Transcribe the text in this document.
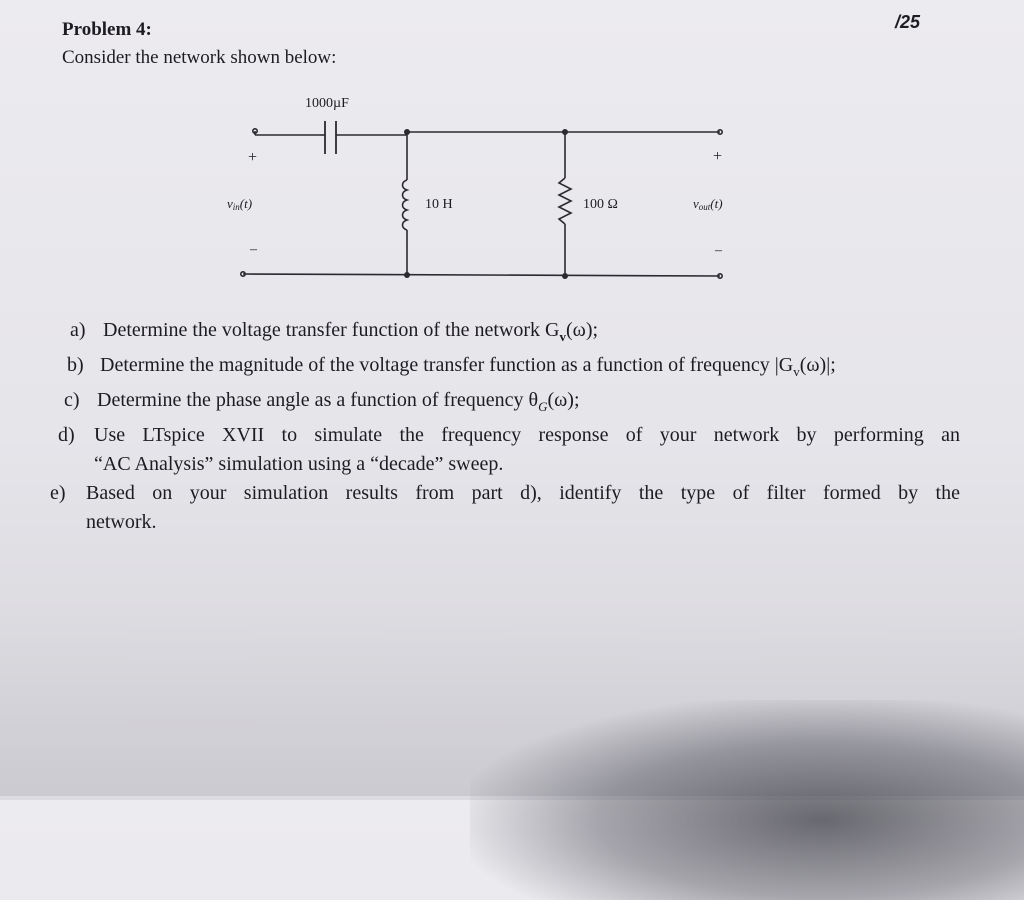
Problem 4:	/25
Consider the network shown below:
1000µF
10 H	100 Ω
+
–
+
–
vin(t)	vout(t)
a) Determine the voltage transfer function of the network $G_v(\omega)$;
b) Determine the magnitude of the voltage transfer function as a function of frequency $|G_v(\omega)|$;
c) Determine the phase angle as a function of frequency $\theta_G(\omega)$;
d) Use LTspice XVII to simulate the frequency response of your network by performing an
“AC Analysis” simulation using a “decade” sweep.
e) Based on your simulation results from part d), identify the type of filter formed by the
network.
